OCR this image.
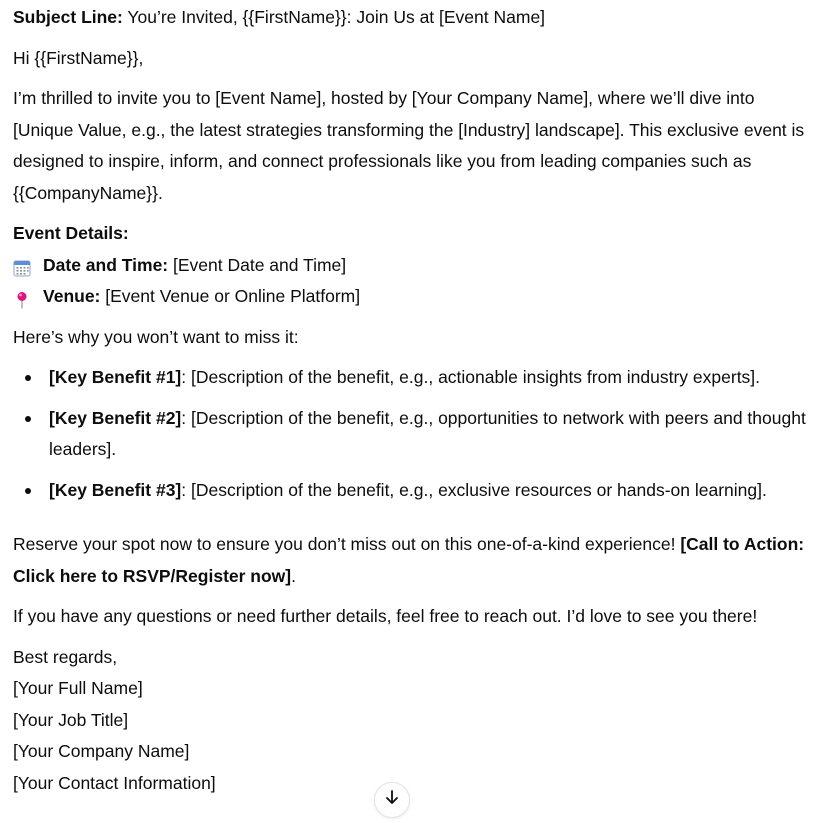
Subject Line: You’re Invited, {{FirstName}}: Join Us at [Event Name]

Hi {{FirstName}},

I’m thrilled to invite you to [Event Name], hosted by [Your Company Name], where we’ll dive into [Unique Value, e.g., the latest strategies transforming the [Industry] landscape]. This exclusive event is designed to inspire, inform, and connect professionals like you from leading companies such as {{CompanyName}}.

Event Details:

Date and Time: [Event Date and Time]
Venue: [Event Venue or Online Platform]

Here’s why you won’t want to miss it:

[Key Benefit #1]: [Description of the benefit, e.g., actionable insights from industry experts].
[Key Benefit #2]: [Description of the benefit, e.g., opportunities to network with peers and thought leaders].
[Key Benefit #3]: [Description of the benefit, e.g., exclusive resources or hands-on learning].

Reserve your spot now to ensure you don’t miss out on this one-of-a-kind experience! [Call to Action: Click here to RSVP/Register now].

If you have any questions or need further details, feel free to reach out. I’d love to see you there!

Best regards,

[Your Full Name]

[Your Job Title]

[Your Company Name]

[Your Contact Information]
